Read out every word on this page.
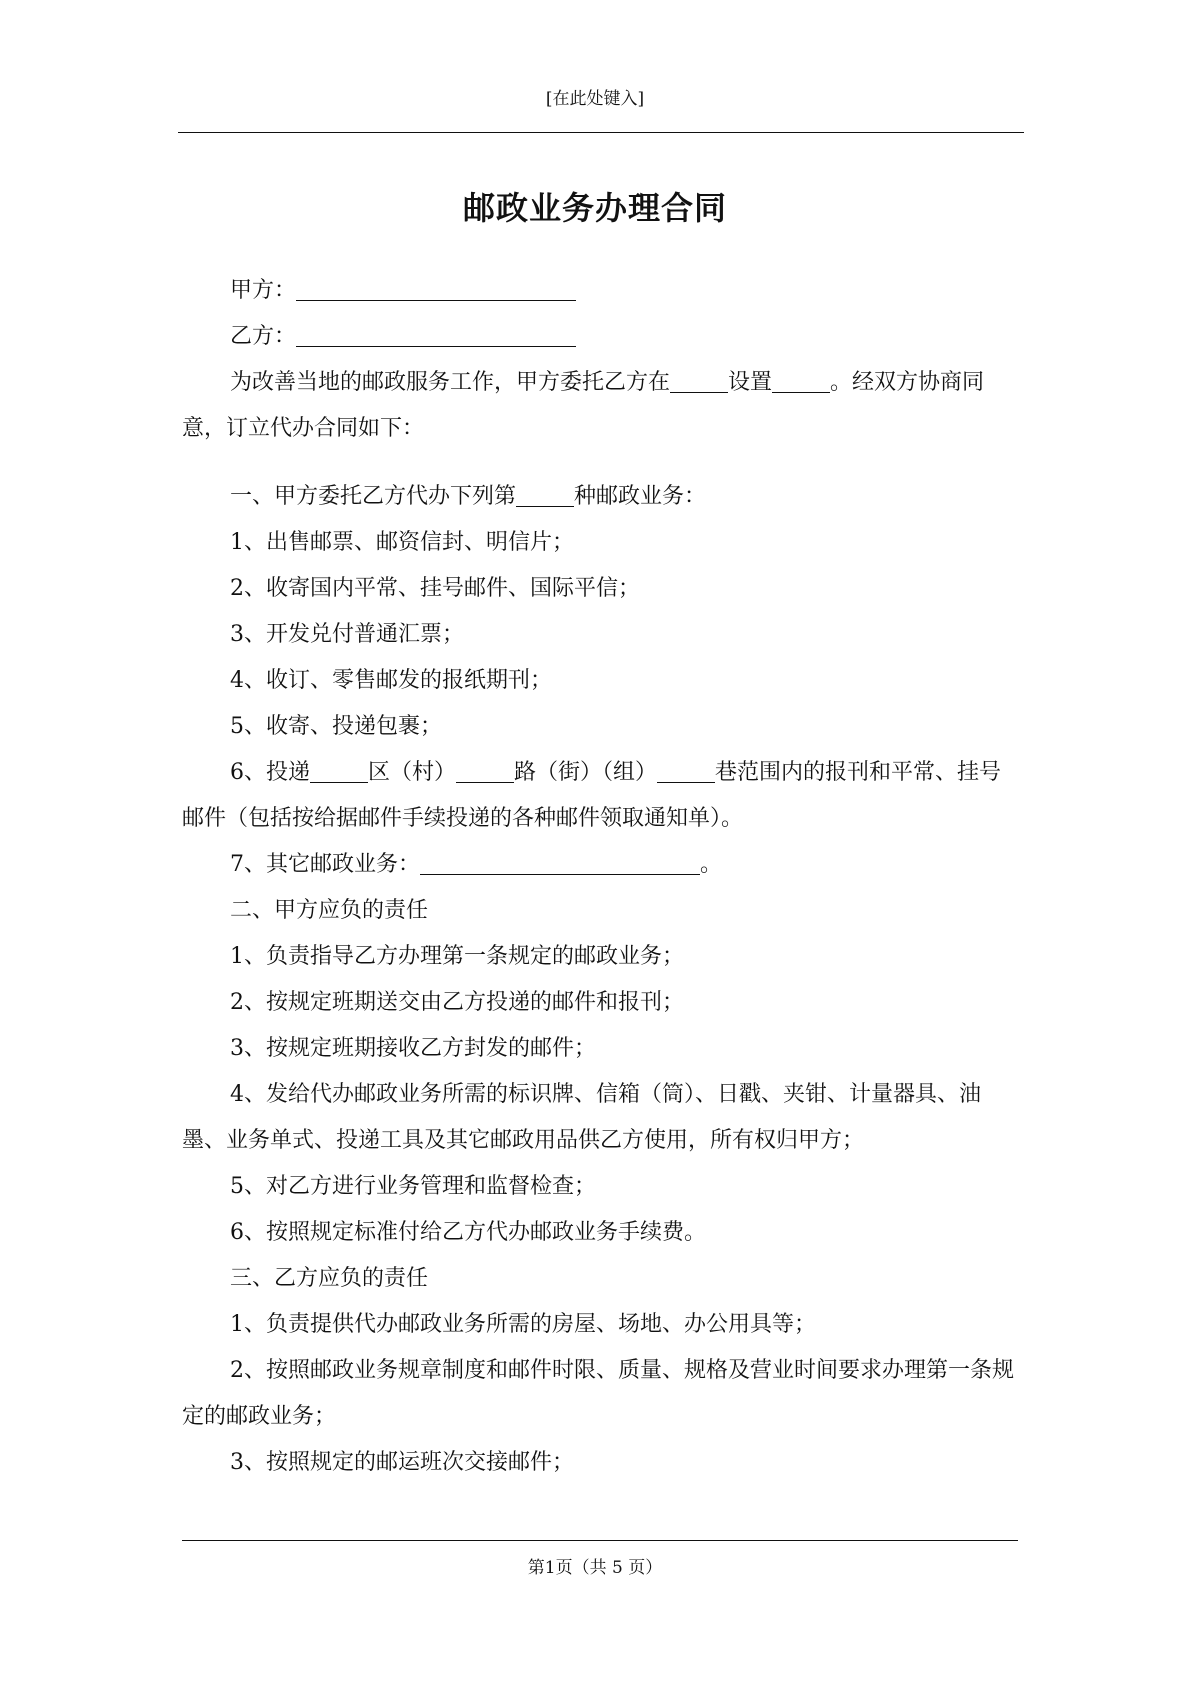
[在此处键入]
邮政业务办理合同

甲方：

乙方：

为改善当地的邮政服务工作，甲方委托乙方在	设置	。经双方协商同意，订立代办合同如下：

一、甲方委托乙方代办下列第	种邮政业务：

1、出售邮票、邮资信封、明信片；

2、收寄国内平常、挂号邮件、国际平信；

3、开发兑付普通汇票；

4、收订、零售邮发的报纸期刊；

5、收寄、投递包裹；

6、投递	区（村）	路（街）（组）	巷范围内的报刊和平常、挂号邮件（包括按给据邮件手续投递的各种邮件领取通知单）。

7、其它邮政业务：	。

二、甲方应负的责任

1、负责指导乙方办理第一条规定的邮政业务；

2、按规定班期送交由乙方投递的邮件和报刊；

3、按规定班期接收乙方封发的邮件；

4、发给代办邮政业务所需的标识牌、信箱（筒）、日戳、夹钳、计量器具、油墨、业务单式、投递工具及其它邮政用品供乙方使用，所有权归甲方；

5、对乙方进行业务管理和监督检查；

6、按照规定标准付给乙方代办邮政业务手续费。

三、乙方应负的责任

1、负责提供代办邮政业务所需的房屋、场地、办公用具等；

2、按照邮政业务规章制度和邮件时限、质量、规格及营业时间要求办理第一条规定的邮政业务；

3、按照规定的邮运班次交接邮件；

第1页（共 5 页）
